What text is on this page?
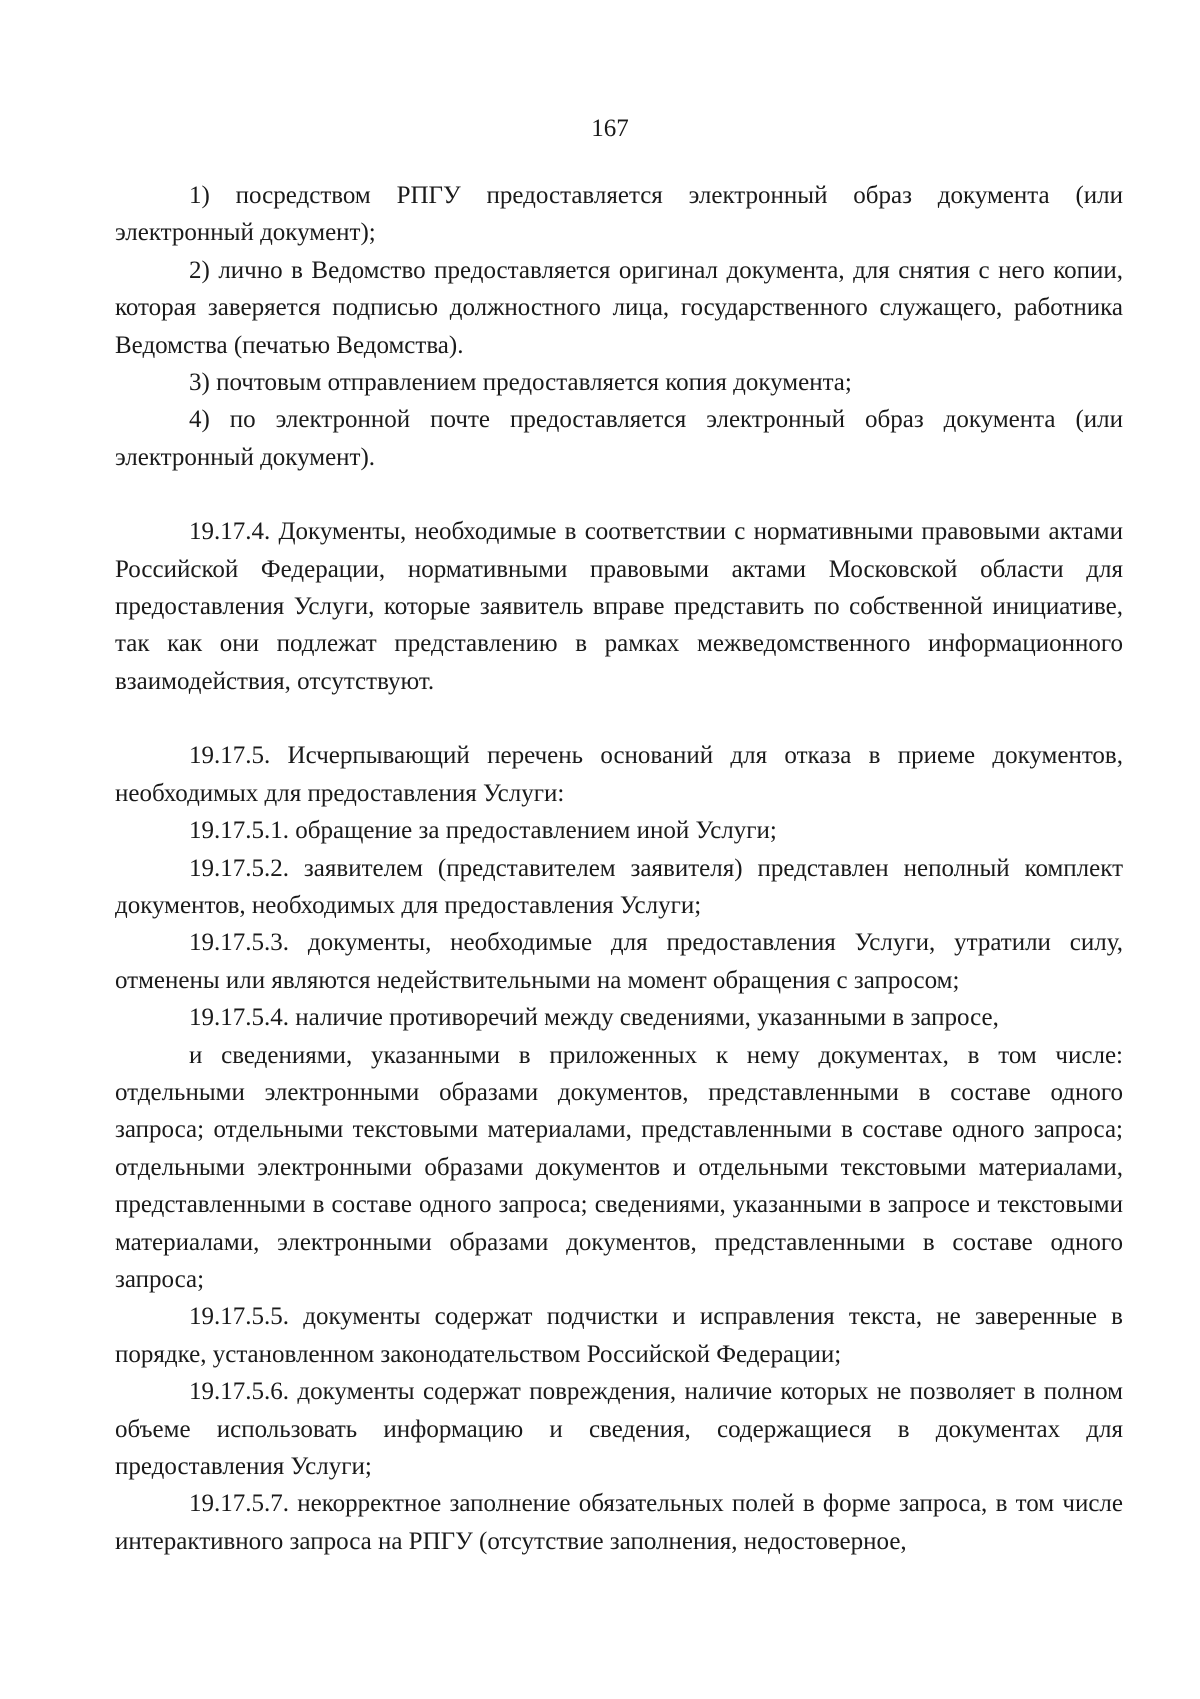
167

1) посредством РПГУ предоставляется электронный образ документа (или электронный документ);

2) лично в Ведомство предоставляется оригинал документа, для снятия с него копии, которая заверяется подписью должностного лица, государственного служащего, работника Ведомства (печатью Ведомства).

3) почтовым отправлением предоставляется копия документа;

4) по электронной почте предоставляется электронный образ документа (или электронный документ).

19.17.4. Документы, необходимые в соответствии с нормативными правовыми актами Российской Федерации, нормативными правовыми актами Московской области для предоставления Услуги, которые заявитель вправе представить по собственной инициативе, так как они подлежат представлению в рамках межведомственного информационного взаимодействия, отсутствуют.

19.17.5. Исчерпывающий перечень оснований для отказа в приеме документов, необходимых для предоставления Услуги:

19.17.5.1. обращение за предоставлением иной Услуги;

19.17.5.2. заявителем (представителем заявителя) представлен неполный комплект документов, необходимых для предоставления Услуги;

19.17.5.3. документы, необходимые для предоставления Услуги, утратили силу, отменены или являются недействительными на момент обращения с запросом;

19.17.5.4. наличие противоречий между сведениями, указанными в запросе,

и сведениями, указанными в приложенных к нему документах, в том числе: отдельными электронными образами документов, представленными в составе одного запроса; отдельными текстовыми материалами, представленными в составе одного запроса; отдельными электронными образами документов и отдельными текстовыми материалами, представленными в составе одного запроса; сведениями, указанными в запросе и текстовыми материалами, электронными образами документов, представленными в составе одного запроса;

19.17.5.5. документы содержат подчистки и исправления текста, не заверенные в порядке, установленном законодательством Российской Федерации;

19.17.5.6. документы содержат повреждения, наличие которых не позволяет в полном объеме использовать информацию и сведения, содержащиеся в документах для предоставления Услуги;

19.17.5.7. некорректное заполнение обязательных полей в форме запроса, в том числе интерактивного запроса на РПГУ (отсутствие заполнения, недостоверное,
